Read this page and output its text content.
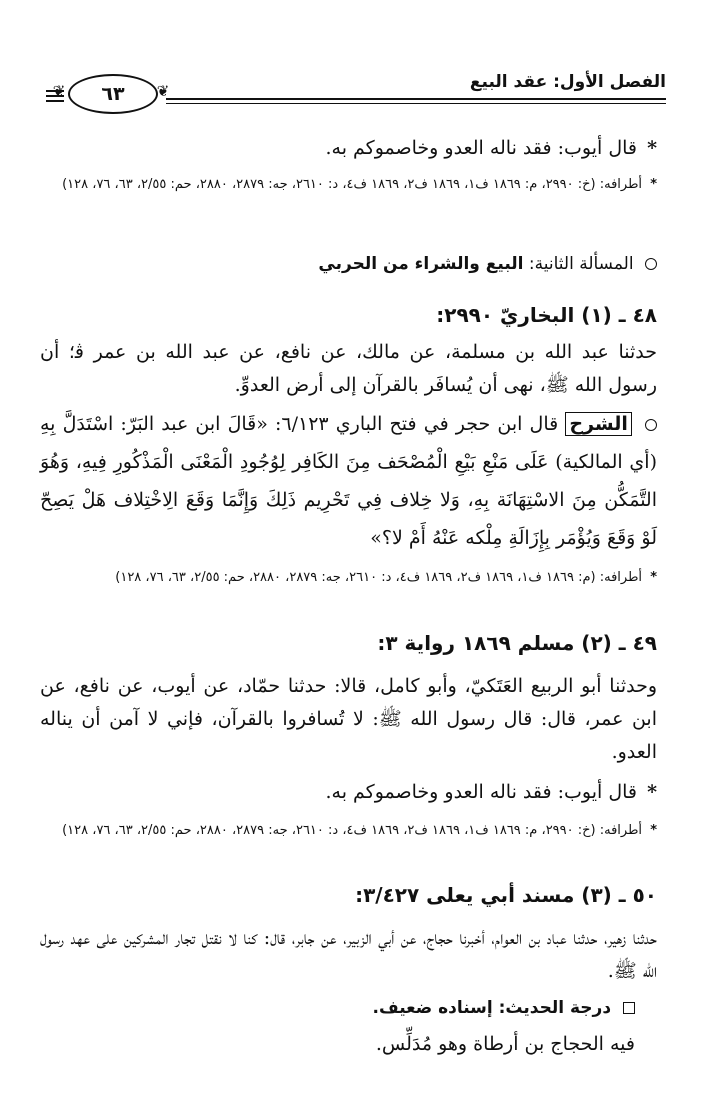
الفصل الأول: عقد البيع
❦	❦
٦٣
* قال أيوب: فقد ناله العدو وخاصموكم به.
* أطرافه: (خ: ٢٩٩٠، م: ١٨٦٩ ف١، ١٨٦٩ ف٢، ١٨٦٩ ف٤، د: ٢٦١٠، جه: ٢٨٧٩، ٢٨٨٠، حم: ٢/٥٥، ٦٣، ٧٦، ١٢٨)
المسألة الثانية: البيع والشراء من الحربي
٤٨ ـ (١) البخاريّ ٢٩٩٠:
حدثنا عبد الله بن مسلمة، عن مالك، عن نافع، عن عبد الله بن عمر ﭬ؛ أن رسول الله ﷺ، نهى أن يُسافَر بالقرآن إلى أرض العدوِّ.
الشرح قال ابن حجر في فتح الباري ٦/١٢٣: «قَالَ ابن عبد البَرّ: اسْتَدَلَّ بِهِ (أي المالكية) عَلَى مَنْعِ بَيْعِ الْمُصْحَف مِنَ الكَافِر لِوُجُودِ الْمَعْنَى الْمَذْكُورِ فِيهِ، وَهُوَ التَّمَكُّن مِنَ الاسْتِهَانَة بِهِ، وَلا خِلاف فِي تَحْرِيم ذَلِكَ وَإِنَّمَا وَقَعَ الِاخْتِلاف هَلْ يَصِحّ لَوْ وَقَعَ وَيُؤْمَر بِإِزَالَةِ مِلْكه عَنْهُ أَمْ لا؟»
* أطرافه: (م: ١٨٦٩ ف١، ١٨٦٩ ف٢، ١٨٦٩ ف٤، د: ٢٦١٠، جه: ٢٨٧٩، ٢٨٨٠، حم: ٢/٥٥، ٦٣، ٧٦، ١٢٨)
٤٩ ـ (٢) مسلم ١٨٦٩ رواية ٣:
وحدثنا أبو الربيع العَتَكيّ، وأبو كامل، قالا: حدثنا حمّاد، عن أيوب، عن نافع، عن ابن عمر، قال: قال رسول الله ﷺ: لا تُسافروا بالقرآن، فإني لا آمن أن يناله العدو.
* قال أيوب: فقد ناله العدو وخاصموكم به.
* أطرافه: (خ: ٢٩٩٠، م: ١٨٦٩ ف١، ١٨٦٩ ف٢، ١٨٦٩ ف٤، د: ٢٦١٠، جه: ٢٨٧٩، ٢٨٨٠، حم: ٢/٥٥، ٦٣، ٧٦، ١٢٨)
٥٠ ـ (٣) مسند أبي يعلى ٣/٤٢٧:
حدثنا زهير، حدثنا عباد بن العوام، أخبرنا حجاج، عن أبي الزبير، عن جابر، قال: كنا لا نقتل تجار المشركين على عهد رسول الله ﷺ.
درجة الحديث: إسناده ضعيف.
فيه الحجاج بن أرطاة وهو مُدَلِّس.
